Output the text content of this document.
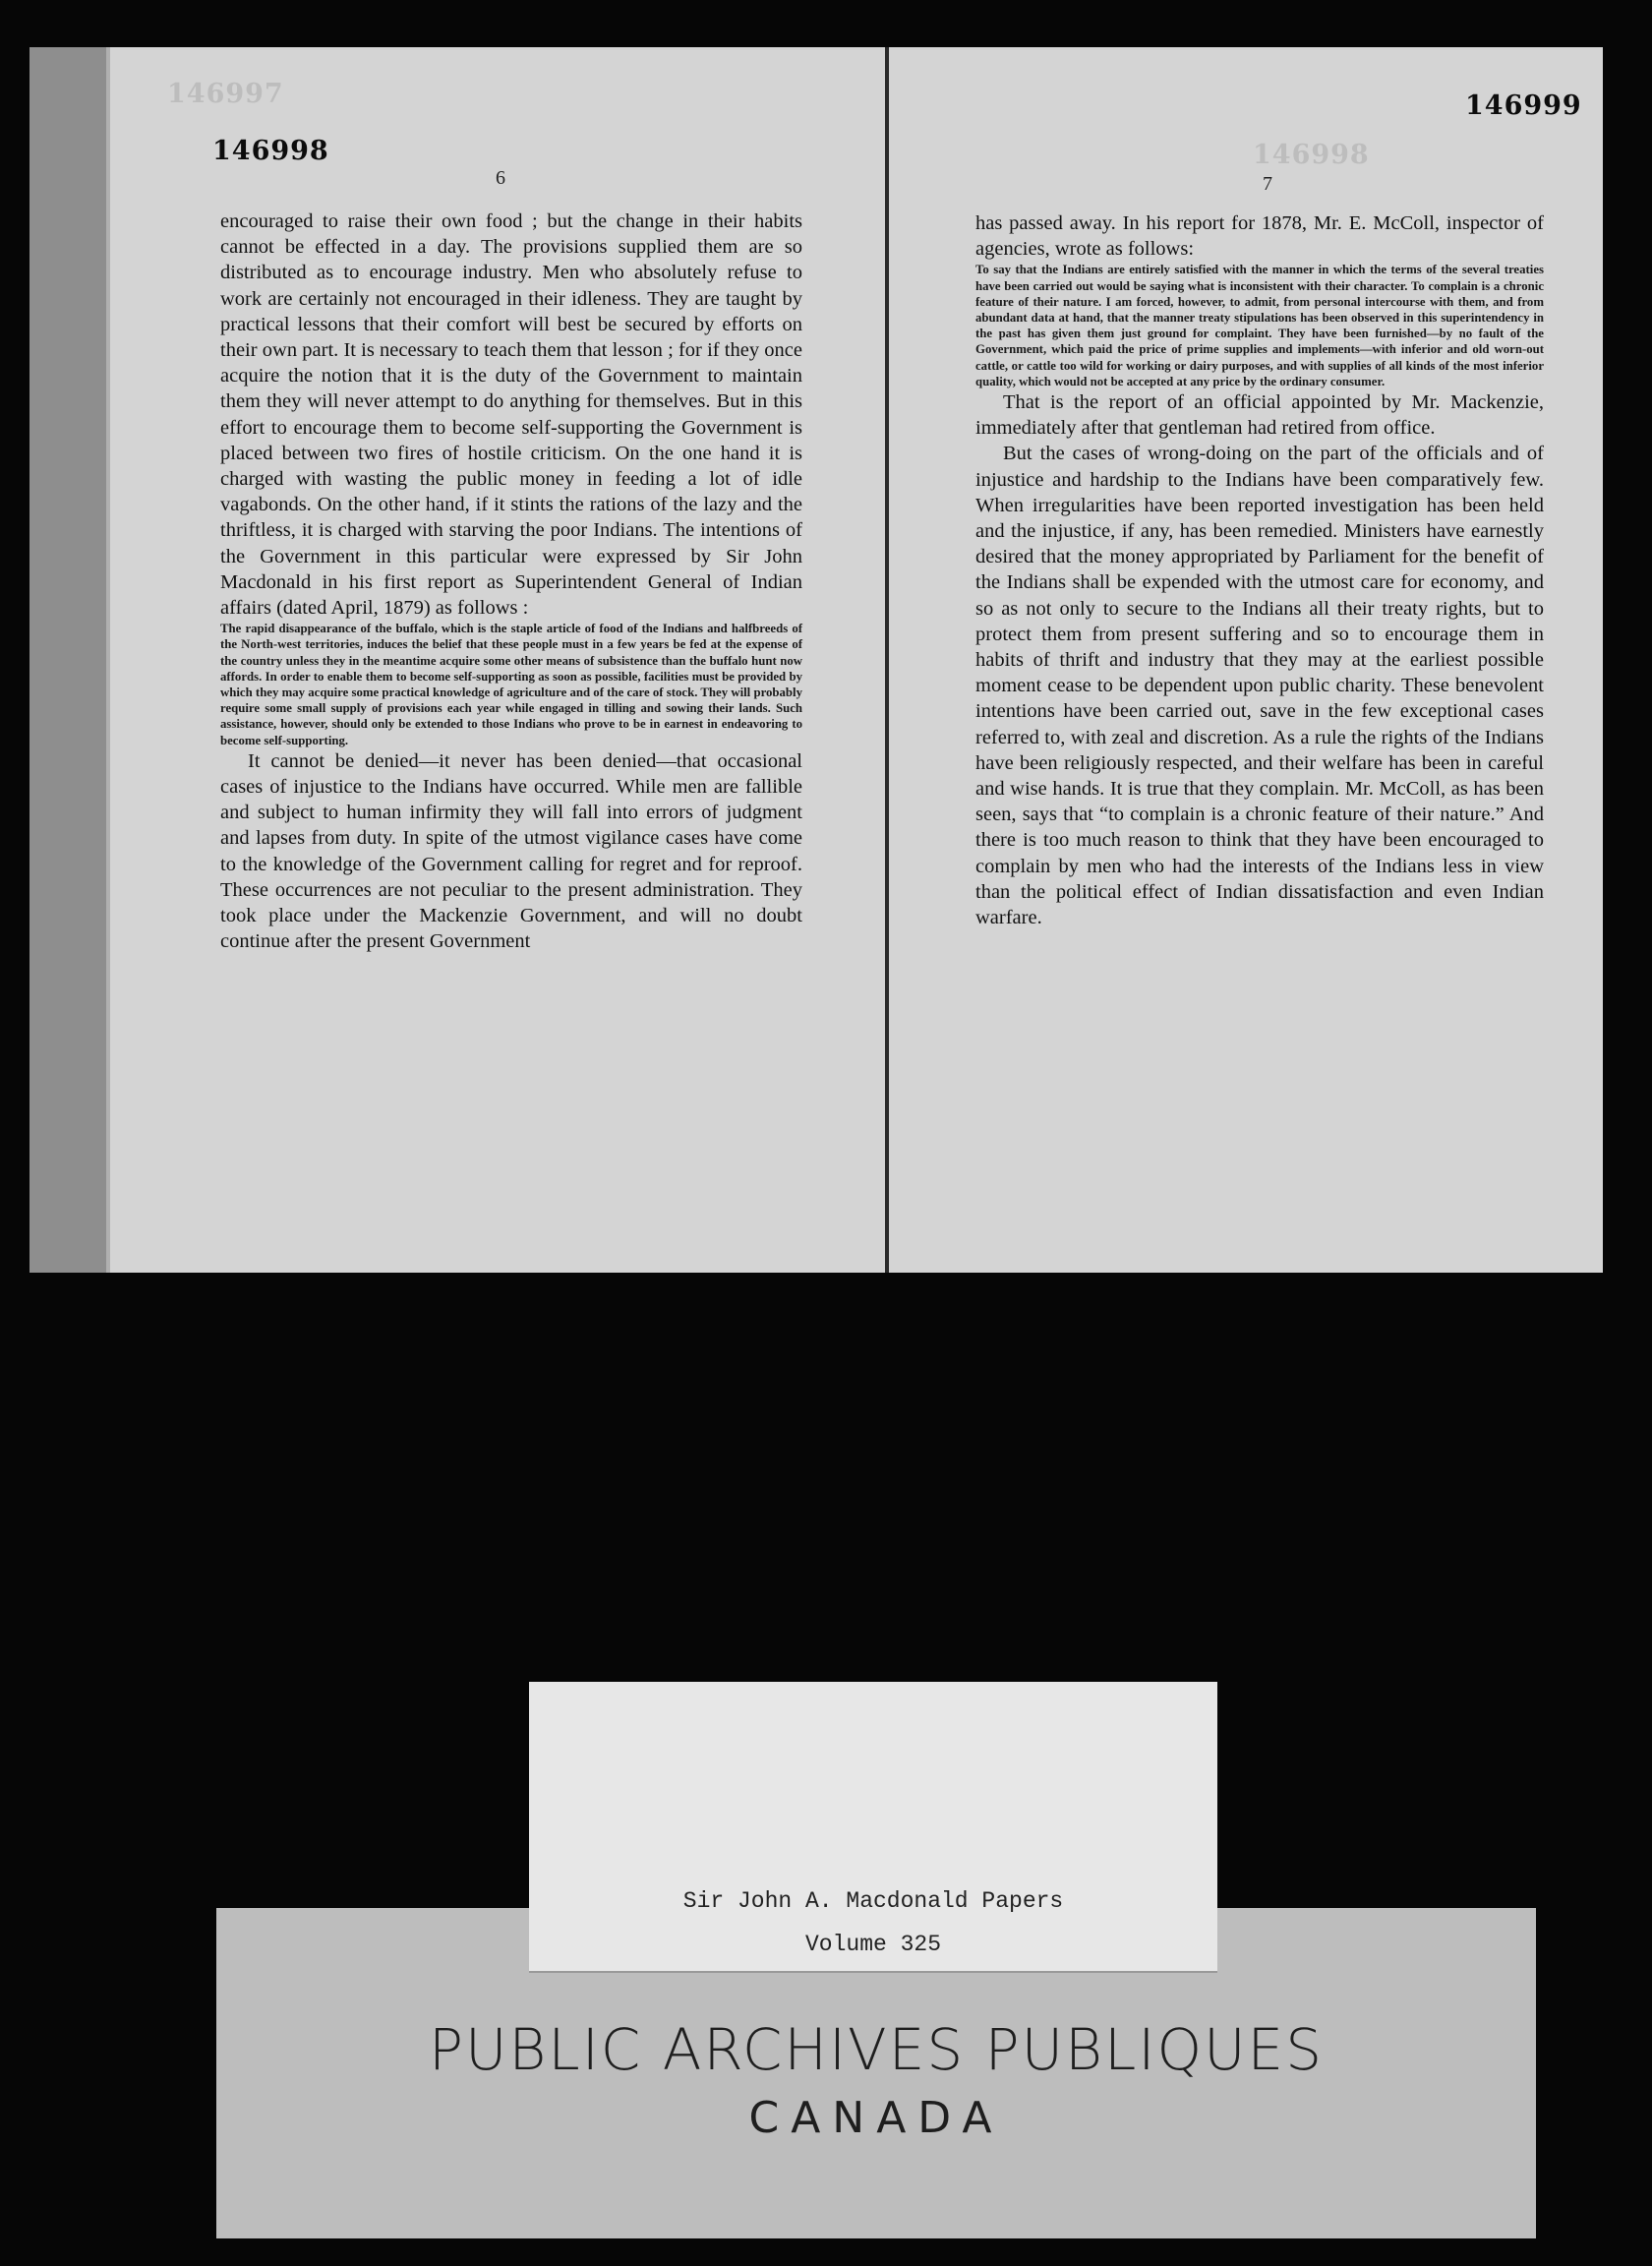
146997
146998
6

encouraged to raise their own food ; but the change in their habits cannot be effected in a day. The provisions supplied them are so distributed as to encourage industry. Men who absolutely refuse to work are certainly not encouraged in their idleness. They are taught by practical lessons that their comfort will best be secured by efforts on their own part. It is necessary to teach them that lesson ; for if they once acquire the notion that it is the duty of the Government to maintain them they will never attempt to do anything for themselves. But in this effort to encourage them to become self-supporting the Government is placed between two fires of hostile criticism. On the one hand it is charged with wasting the public money in feeding a lot of idle vagabonds. On the other hand, if it stints the rations of the lazy and the thriftless, it is charged with starving the poor Indians. The intentions of the Government in this particular were expressed by Sir John Macdonald in his first report as Superintendent General of Indian affairs (dated April, 1879) as follows :

The rapid disappearance of the buffalo, which is the staple article of food of the Indians and halfbreeds of the North-west territories, induces the belief that these people must in a few years be fed at the expense of the country unless they in the meantime acquire some other means of subsistence than the buffalo hunt now affords. In order to enable them to become self-supporting as soon as possible, facilities must be provided by which they may acquire some practical knowledge of agriculture and of the care of stock. They will probably require some small supply of provisions each year while engaged in tilling and sowing their lands. Such assistance, however, should only be extended to those Indians who prove to be in earnest in endeavoring to become self-supporting.

It cannot be denied—it never has been denied—that occasional cases of injustice to the Indians have occurred. While men are fallible and subject to human infirmity they will fall into errors of judgment and lapses from duty. In spite of the utmost vigilance cases have come to the knowledge of the Government calling for regret and for reproof. These occurrences are not peculiar to the present administration. They took place under the Mackenzie Government, and will no doubt continue after the present Government

146999
146998
7

has passed away. In his report for 1878, Mr. E. McColl, inspector of agencies, wrote as follows:

To say that the Indians are entirely satisfied with the manner in which the terms of the several treaties have been carried out would be saying what is inconsistent with their character. To complain is a chronic feature of their nature. I am forced, however, to admit, from personal intercourse with them, and from abundant data at hand, that the manner treaty stipulations has been observed in this superintendency in the past has given them just ground for complaint. They have been furnished—by no fault of the Government, which paid the price of prime supplies and implements—with inferior and old worn-out cattle, or cattle too wild for working or dairy purposes, and with supplies of all kinds of the most inferior quality, which would not be accepted at any price by the ordinary consumer.

That is the report of an official appointed by Mr. Mackenzie, immediately after that gentleman had retired from office.

But the cases of wrong-doing on the part of the officials and of injustice and hardship to the Indians have been comparatively few. When irregularities have been reported investigation has been held and the injustice, if any, has been remedied. Ministers have earnestly desired that the money appropriated by Parliament for the benefit of the Indians shall be expended with the utmost care for economy, and so as not only to secure to the Indians all their treaty rights, but to protect them from present suffering and so to encourage them in habits of thrift and industry that they may at the earliest possible moment cease to be dependent upon public charity. These benevolent intentions have been carried out, save in the few exceptional cases referred to, with zeal and discretion. As a rule the rights of the Indians have been religiously respected, and their welfare has been in careful and wise hands. It is true that they complain. Mr. McColl, as has been seen, says that “to complain is a chronic feature of their nature.” And there is too much reason to think that they have been encouraged to complain by men who had the interests of the Indians less in view than the political effect of Indian dissatisfaction and even Indian warfare.

PUBLIC ARCHIVES PUBLIQUES
CANADA
Sir John A. Macdonald Papers
Volume 325
